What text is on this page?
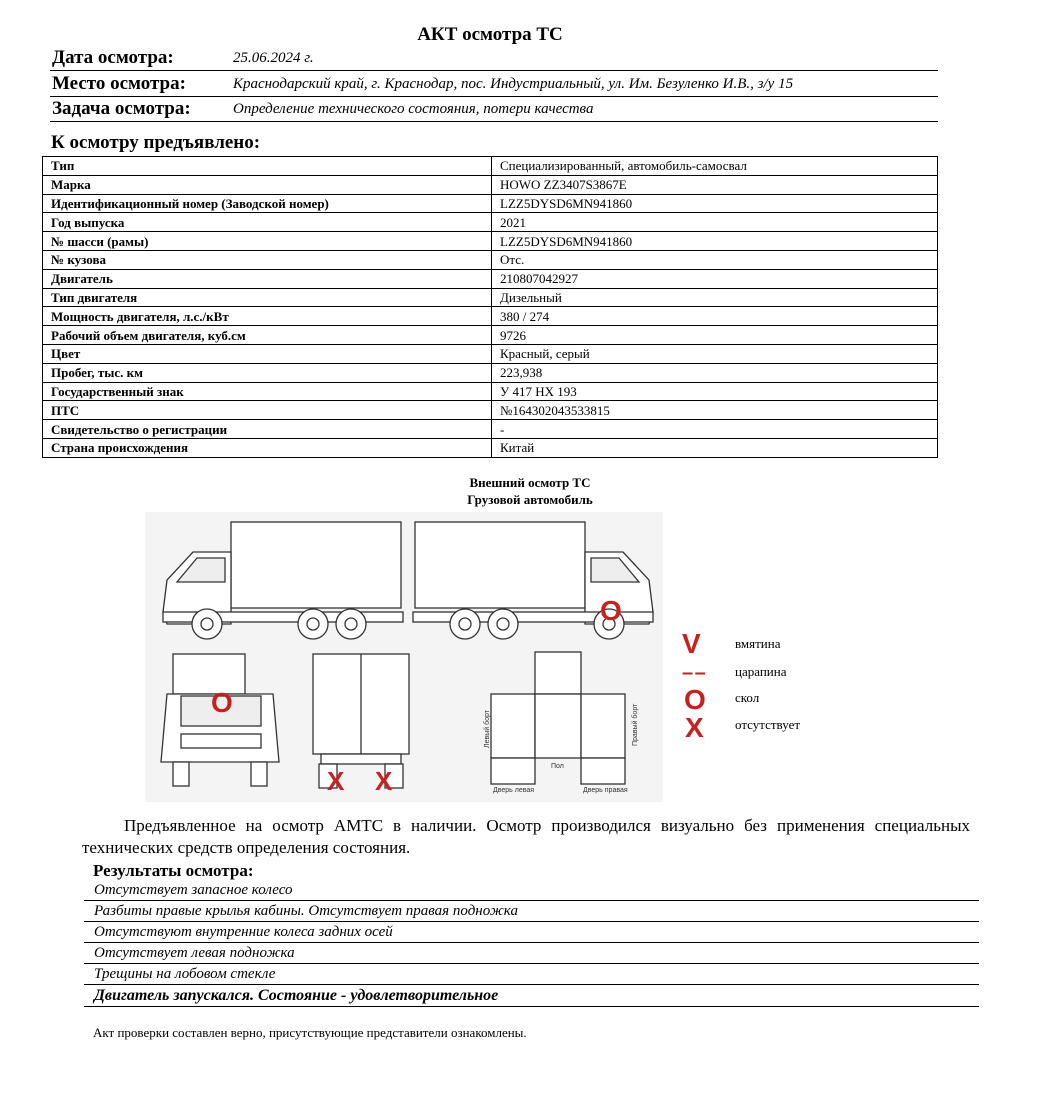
АКТ осмотра ТС
Дата осмотра:	25.06.2024 г.
Место осмотра:	Краснодарский край, г. Краснодар, пос. Индустриальный, ул. Им. Безуленко И.В., з/у 15
Задача осмотра:	Определение технического состояния, потери качества
К осмотру предъявлено:
Тип	Специализированный, автомобиль-самосвал
Марка	HOWO ZZ3407S3867E
Идентификационный номер (Заводской номер)	LZZ5DYSD6MN941860
Год выпуска	2021
№ шасси (рамы)	LZZ5DYSD6MN941860
№ кузова	Отс.
Двигатель	210807042927
Тип двигателя	Дизельный
Мощность двигателя, л.с./кВт	380 / 274
Рабочий объем двигателя, куб.см	9726
Цвет	Красный, серый
Пробег, тыс. км	223,938
Государственный знак	У 417 НХ 193
ПТС	№164302043533815
Свидетельство о регистрации	-
Страна происхождения	Китай
Внешний осмотр ТС
Грузовой автомобиль
Левый борт	Правый борт
Пол
Дверь левая	Дверь правая
O
O
X X
V	вмятина
– – царапина
O скол
X отсутствует
Предъявленное на осмотр АМТС в наличии. Осмотр производился визуально без применения специальных технических средств определения состояния.
Результаты осмотра:
Отсутствует запасное колесо
Разбиты правые крылья кабины. Отсутствует правая подножка
Отсутствуют внутренние колеса задних осей
Отсутствует левая подножка
Трещины на лобовом стекле
Двигатель запускался. Состояние - удовлетворительное
Акт проверки составлен верно, присутствующие представители ознакомлены.
